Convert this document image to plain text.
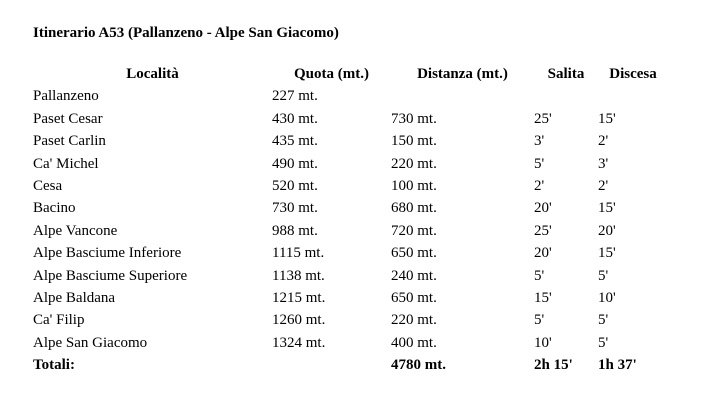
Itinerario A53 (Pallanzeno - Alpe San Giacomo)
Località	Quota (mt.)	Distanza (mt.)	Salita	Discesa
Pallanzeno	227 mt.			
Paset Cesar	430 mt.	730 mt.	25'	15'
Paset Carlin	435 mt.	150 mt.	3'	2'
Ca' Michel	490 mt.	220 mt.	5'	3'
Cesa	520 mt.	100 mt.	2'	2'
Bacino	730 mt.	680 mt.	20'	15'
Alpe Vancone	988 mt.	720 mt.	25'	20'
Alpe Basciume Inferiore	1115 mt.	650 mt.	20'	15'
Alpe Basciume Superiore	1138 mt.	240 mt.	5'	5'
Alpe Baldana	1215 mt.	650 mt.	15'	10'
Ca' Filip	1260 mt.	220 mt.	5'	5'
Alpe San Giacomo	1324 mt.	400 mt.	10'	5'
Totali:		4780 mt.	2h 15'	1h 37'
